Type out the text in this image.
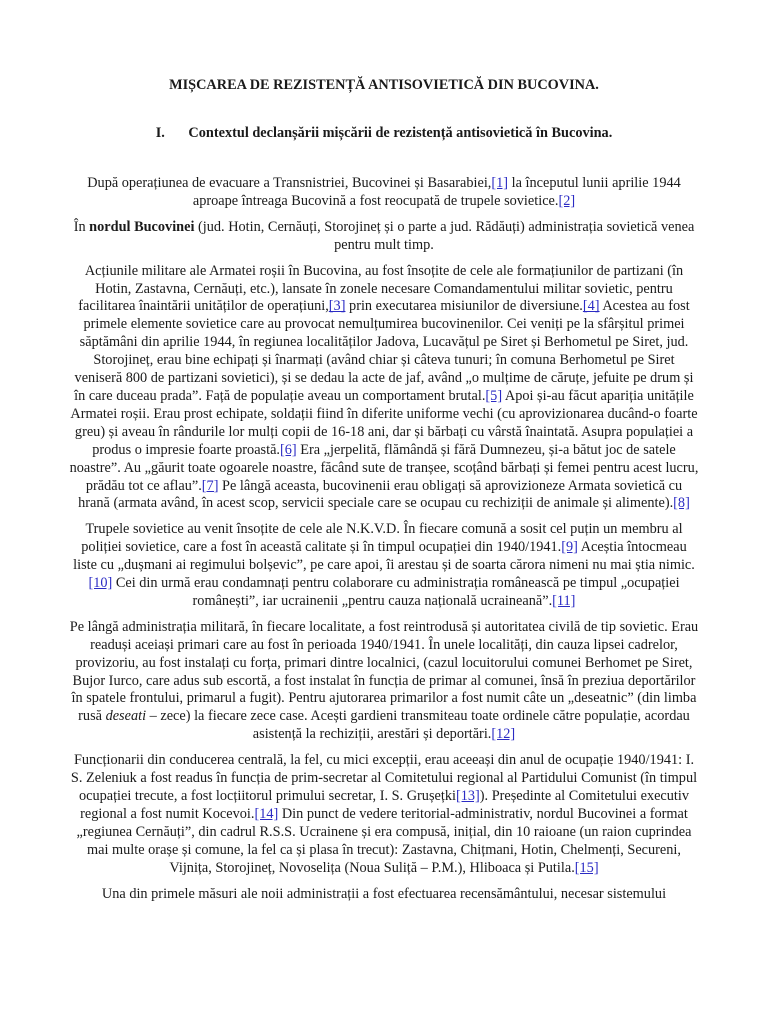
MIȘCAREA DE REZISTENȚĂ ANTISOVIETICĂ DIN BUCOVINA.
I. Contextul declanșării mișcării de rezistență antisovietică în Bucovina.

După operațiunea de evacuare a Transnistriei, Bucovinei și Basarabiei,[1] la începutul lunii aprilie 1944 aproape întreaga Bucovină a fost reocupată de trupele sovietice.[2]

În nordul Bucovinei (jud. Hotin, Cernăuți, Storojineț și o parte a jud. Rădăuți) administrația sovietică venea pentru mult timp.

Acțiunile militare ale Armatei roșii în Bucovina, au fost însoțite de cele ale formațiunilor de partizani (în Hotin, Zastavna, Cernăuți, etc.), lansate în zonele necesare Comandamentului militar sovietic, pentru facilitarea înaintării unităților de operațiuni,[3] prin executarea misiunilor de diversiune.[4] Acestea au fost primele elemente sovietice care au provocat nemulțumirea bucovinenilor. Cei veniți pe la sfârșitul primei săptămâni din aprilie 1944, în regiunea localităților Jadova, Lucavățul pe Siret și Berhometul pe Siret, jud. Storojineț, erau bine echipați și înarmați (având chiar și câteva tunuri; în comuna Berhometul pe Siret veniseră 800 de partizani sovietici), și se dedau la acte de jaf, având „o mulțime de căruțe, jefuite pe drum și în care duceau prada”. Față de populație aveau un comportament brutal.[5] Apoi și-au făcut apariția unitățile Armatei roșii. Erau prost echipate, soldații fiind în diferite uniforme vechi (cu aprovizionarea ducând-o foarte greu) și aveau în rândurile lor mulți copii de 16-18 ani, dar și bărbați cu vârstă înaintată. Asupra populației a produs o impresie foarte proastă.[6] Era „jerpelită, flămândă și fără Dumnezeu, și-a bătut joc de satele noastre”. Au „găurit toate ogoarele noastre, făcând sute de tranșee, scoțând bărbați și femei pentru acest lucru, prădău tot ce aflau”.[7] Pe lângă aceasta, bucovinenii erau obligați să aprovizioneze Armata sovietică cu hrană (armata având, în acest scop, servicii speciale care se ocupau cu rechiziții de animale și alimente).[8]

Trupele sovietice au venit însoțite de cele ale N.K.V.D. În fiecare comună a sosit cel puțin un membru al poliției sovietice, care a fost în această calitate și în timpul ocupației din 1940/1941.[9] Aceștia întocmeau liste cu „dușmani ai regimului bolșevic”, pe care apoi, îi arestau și de soarta cărora nimeni nu mai știa nimic.[10] Cei din urmă erau condamnați pentru colaborare cu administrația românească pe timpul „ocupației românești”, iar ucrainenii „pentru cauza națională ucraineană”.[11]

Pe lângă administrația militară, în fiecare localitate, a fost reintrodusă și autoritatea civilă de tip sovietic. Erau readuși aceiași primari care au fost în perioada 1940/1941. În unele localități, din cauza lipsei cadrelor, provizoriu, au fost instalați cu forța, primari dintre localnici, (cazul locuitorului comunei Berhomet pe Siret, Bujor Iurco, care adus sub escortă, a fost instalat în funcția de primar al comunei, însă în preziua deportărilor în spatele frontului, primarul a fugit). Pentru ajutorarea primarilor a fost numit câte un „deseatnic” (din limba rusă deseati – zece) la fiecare zece case. Acești gardieni transmiteau toate ordinele către populație, acordau asistență la rechiziții, arestări și deportări.[12]

Funcționarii din conducerea centrală, la fel, cu mici excepții, erau aceeași din anul de ocupație 1940/1941: I. S. Zeleniuk a fost readus în funcția de prim-secretar al Comitetului regional al Partidului Comunist (în timpul ocupației trecute, a fost locțiitorul primului secretar, I. S. Grușețki[13]). Președinte al Comitetului executiv regional a fost numit Kocevoi.[14] Din punct de vedere teritorial-administrativ, nordul Bucovinei a format „regiunea Cernăuți”, din cadrul R.S.S. Ucrainene și era compusă, inițial, din 10 raioane (un raion cuprindea mai multe orașe și comune, la fel ca și plasa în trecut): Zastavna, Chițmani, Hotin, Chelmenți, Secureni, Vijnița, Storojineț, Novoselița (Noua Suliță – P.M.), Hliboaca și Putila.[15]

Una din primele măsuri ale noii administrații a fost efectuarea recensământului, necesar sistemului
